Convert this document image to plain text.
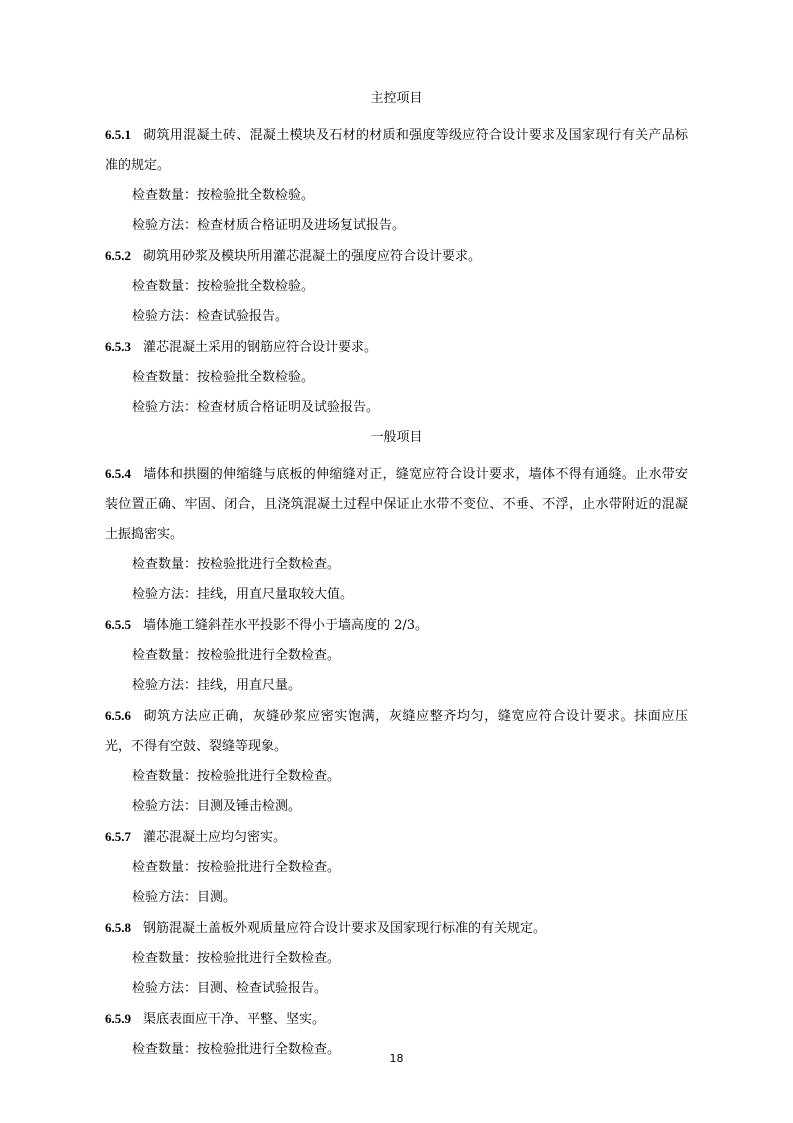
主控项目

6.5.1 砌筑用混凝土砖、混凝土模块及石材的材质和强度等级应符合设计要求及国家现行有关产品标准的规定。

检查数量：按检验批全数检验。

检验方法：检查材质合格证明及进场复试报告。

6.5.2 砌筑用砂浆及模块所用灌芯混凝土的强度应符合设计要求。

检查数量：按检验批全数检验。

检验方法：检查试验报告。

6.5.3 灌芯混凝土采用的钢筋应符合设计要求。

检查数量：按检验批全数检验。

检验方法：检查材质合格证明及试验报告。

一般项目

6.5.4 墙体和拱圈的伸缩缝与底板的伸缩缝对正，缝宽应符合设计要求，墙体不得有通缝。止水带安装位置正确、牢固、闭合，且浇筑混凝土过程中保证止水带不变位、不垂、不浮，止水带附近的混凝土振捣密实。

检查数量：按检验批进行全数检查。

检验方法：挂线，用直尺量取较大值。

6.5.5 墙体施工缝斜茬水平投影不得小于墙高度的 2/3。

检查数量：按检验批进行全数检查。

检验方法：挂线，用直尺量。

6.5.6 砌筑方法应正确，灰缝砂浆应密实饱满，灰缝应整齐均匀，缝宽应符合设计要求。抹面应压光，不得有空鼓、裂缝等现象。

检查数量：按检验批进行全数检查。

检验方法：目测及锤击检测。

6.5.7 灌芯混凝土应均匀密实。

检查数量：按检验批进行全数检查。

检验方法：目测。

6.5.8 钢筋混凝土盖板外观质量应符合设计要求及国家现行标准的有关规定。

检查数量：按检验批进行全数检查。

检验方法：目测、检查试验报告。

6.5.9 渠底表面应干净、平整、坚实。

检查数量：按检验批进行全数检查。

18
